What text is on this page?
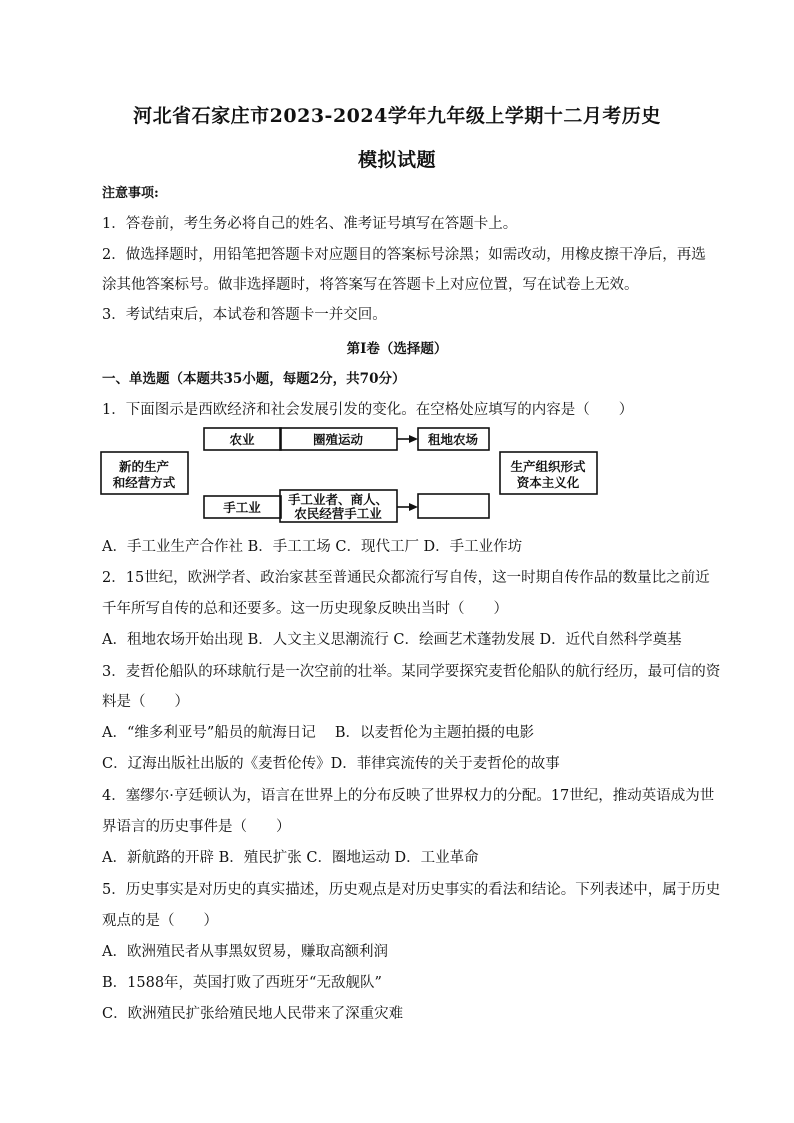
河北省石家庄市2023-2024学年九年级上学期十二月考历史
模拟试题
注意事项:
1．答卷前，考生务必将自己的姓名、准考证号填写在答题卡上。
2．做选择题时，用铅笔把答题卡对应题目的答案标号涂黑；如需改动，用橡皮擦干净后，再选
涂其他答案标号。做非选择题时，将答案写在答题卡上对应位置，写在试卷上无效。
3．考试结束后，本试卷和答题卡一并交回。
第I卷（选择题）
一、单选题（本题共35小题，每题2分，共70分）
1．下面图示是西欧经济和社会发展引发的变化。在空格处应填写的内容是（　　）
新的生产
和经营方式
农业	圈殖运动	租地农场
手工业
手工业者、商人、
农民经营手工业
生产组织形式
资本主义化
A．手工业生产合作社 B．手工工场 C．现代工厂 D．手工业作坊
2．15世纪，欧洲学者、政治家甚至普通民众都流行写自传，这一时期自传作品的数量比之前近
千年所写自传的总和还要多。这一历史现象反映出当时（　　）
A．租地农场开始出现 B．人文主义思潮流行 C．绘画艺术蓬勃发展 D．近代自然科学奠基
3．麦哲伦船队的环球航行是一次空前的壮举。某同学要探究麦哲伦船队的航行经历，最可信的资
料是（　　）
A．“维多利亚号”船员的航海日记　 B．以麦哲伦为主题拍摄的电影
C．辽海出版社出版的《麦哲伦传》D．菲律宾流传的关于麦哲伦的故事
4．塞缪尔·亨廷顿认为，语言在世界上的分布反映了世界权力的分配。17世纪，推动英语成为世
界语言的历史事件是（　　）
A．新航路的开辟 B．殖民扩张 C．圈地运动 D．工业革命
5．历史事实是对历史的真实描述，历史观点是对历史事实的看法和结论。下列表述中，属于历史
观点的是（　　）
A．欧洲殖民者从事黑奴贸易，赚取高额利润
B．1588年，英国打败了西班牙“无敌舰队”
C．欧洲殖民扩张给殖民地人民带来了深重灾难
